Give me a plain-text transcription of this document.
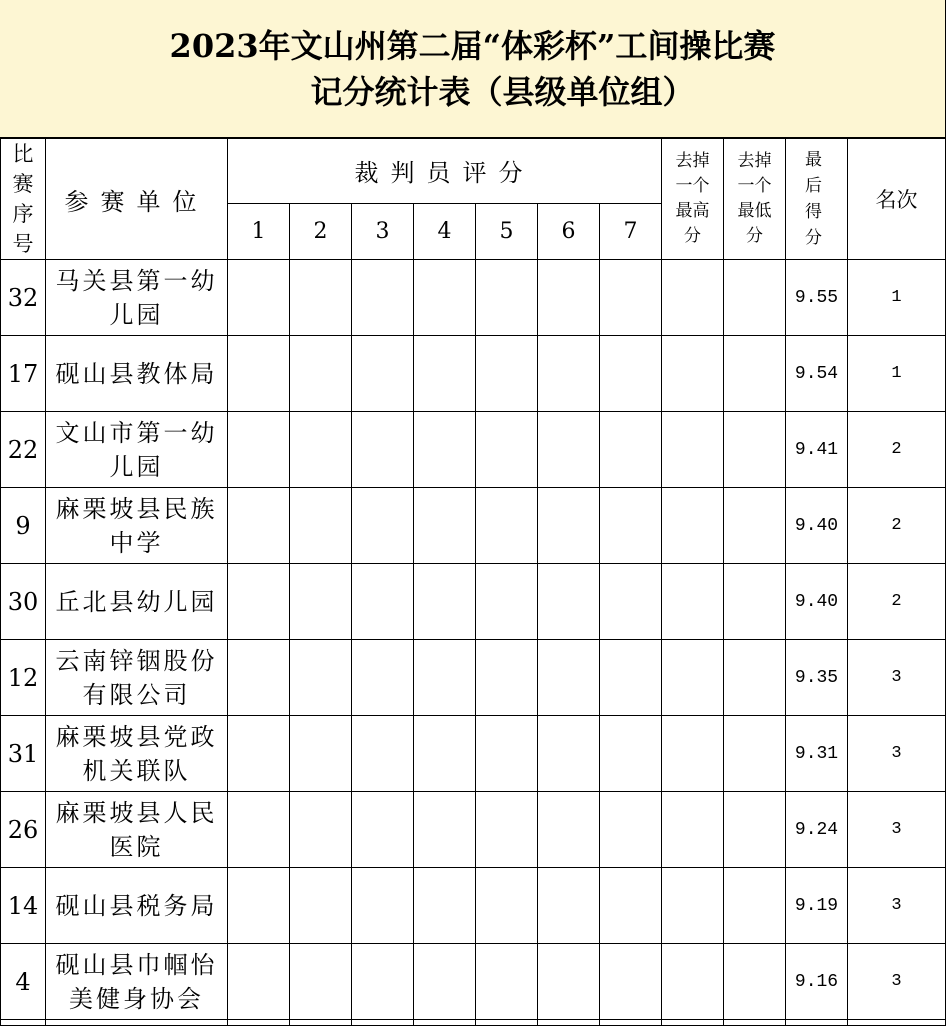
2023年文山州第二届“体彩杯”工间操比赛
记分统计表（县级单位组）
比赛序号	参赛单位	裁判员评分							去掉一个最高分	去掉一个最低分	最后得分	名次
		1	2	3	4	5	6	7				
32	马关县第一幼儿园										9.55	1
17	砚山县教体局										9.54	1
22	文山市第一幼儿园										9.41	2
9	麻栗坡县民族中学										9.40	2
30	丘北县幼儿园										9.40	2
12	云南锌铟股份有限公司										9.35	3
31	麻栗坡县党政机关联队										9.31	3
26	麻栗坡县人民医院										9.24	3
14	砚山县税务局										9.19	3
4	砚山县巾帼怡美健身协会										9.16	3
